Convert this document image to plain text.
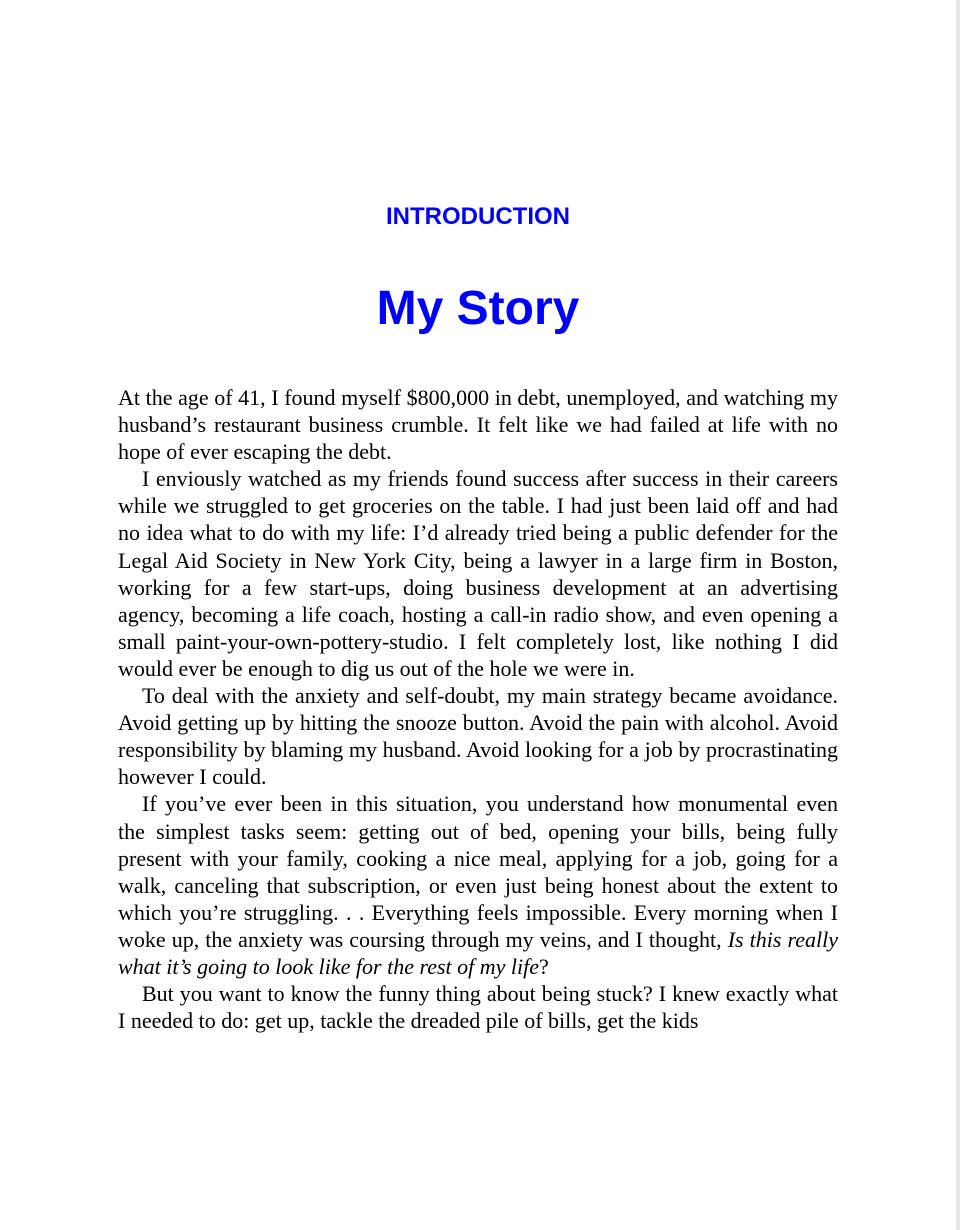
INTRODUCTION
My Story

At the age of 41, I found myself $800,000 in debt, unemployed, and watching my husband’s restaurant business crumble. It felt like we had failed at life with no hope of ever escaping the debt.

I enviously watched as my friends found success after success in their careers while we struggled to get groceries on the table. I had just been laid off and had no idea what to do with my life: I’d already tried being a public defender for the Legal Aid Society in New York City, being a lawyer in a large firm in Boston, working for a few start-ups, doing business development at an advertising agency, becoming a life coach, hosting a call-in radio show, and even opening a small paint-your-own-pottery-studio. I felt completely lost, like nothing I did would ever be enough to dig us out of the hole we were in.

To deal with the anxiety and self-doubt, my main strategy became avoidance. Avoid getting up by hitting the snooze button. Avoid the pain with alcohol. Avoid responsibility by blaming my husband. Avoid looking for a job by procrastinating however I could.

If you’ve ever been in this situation, you understand how monumental even the simplest tasks seem: getting out of bed, opening your bills, being fully present with your family, cooking a nice meal, applying for a job, going for a walk, canceling that subscription, or even just being honest about the extent to which you’re struggling. . . Everything feels impossible. Every morning when I woke up, the anxiety was coursing through my veins, and I thought, Is this really what it’s going to look like for the rest of my life?

But you want to know the funny thing about being stuck? I knew exactly what I needed to do: get up, tackle the dreaded pile of bills, get the kids
